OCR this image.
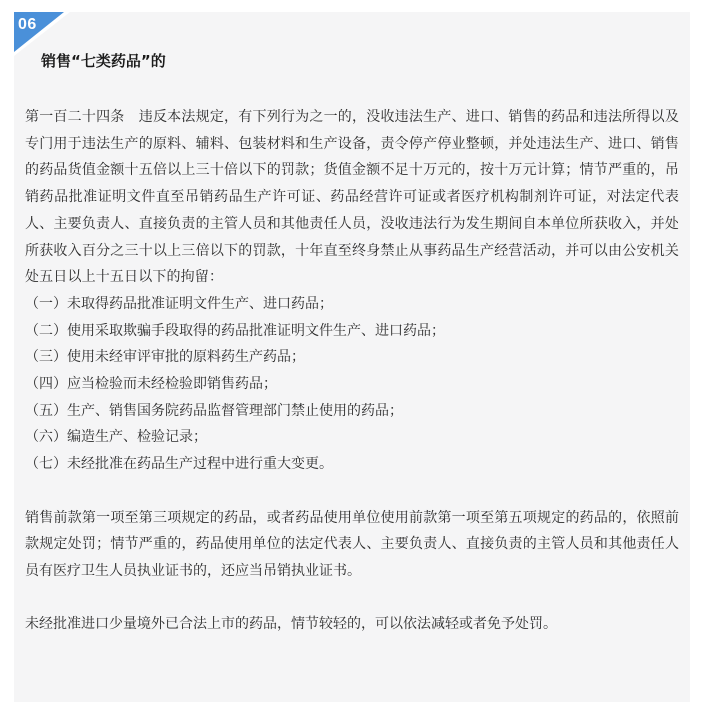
06
销售“七类药品”的

第一百二十四条　违反本法规定，有下列行为之一的，没收违法生产、进口、销售的药品和违法所得以及专门用于违法生产的原料、辅料、包装材料和生产设备，责令停产停业整顿，并处违法生产、进口、销售的药品货值金额十五倍以上三十倍以下的罚款；货值金额不足十万元的，按十万元计算；情节严重的，吊销药品批准证明文件直至吊销药品生产许可证、药品经营许可证或者医疗机构制剂许可证，对法定代表人、主要负责人、直接负责的主管人员和其他责任人员，没收违法行为发生期间自本单位所获收入，并处所获收入百分之三十以上三倍以下的罚款，十年直至终身禁止从事药品生产经营活动，并可以由公安机关处五日以上十五日以下的拘留：

（一）未取得药品批准证明文件生产、进口药品；
（二）使用采取欺骗手段取得的药品批准证明文件生产、进口药品；
（三）使用未经审评审批的原料药生产药品；
（四）应当检验而未经检验即销售药品；
（五）生产、销售国务院药品监督管理部门禁止使用的药品；
（六）编造生产、检验记录；
（七）未经批准在药品生产过程中进行重大变更。

销售前款第一项至第三项规定的药品，或者药品使用单位使用前款第一项至第五项规定的药品的，依照前款规定处罚；情节严重的，药品使用单位的法定代表人、主要负责人、直接负责的主管人员和其他责任人员有医疗卫生人员执业证书的，还应当吊销执业证书。

未经批准进口少量境外已合法上市的药品，情节较轻的，可以依法减轻或者免予处罚。
